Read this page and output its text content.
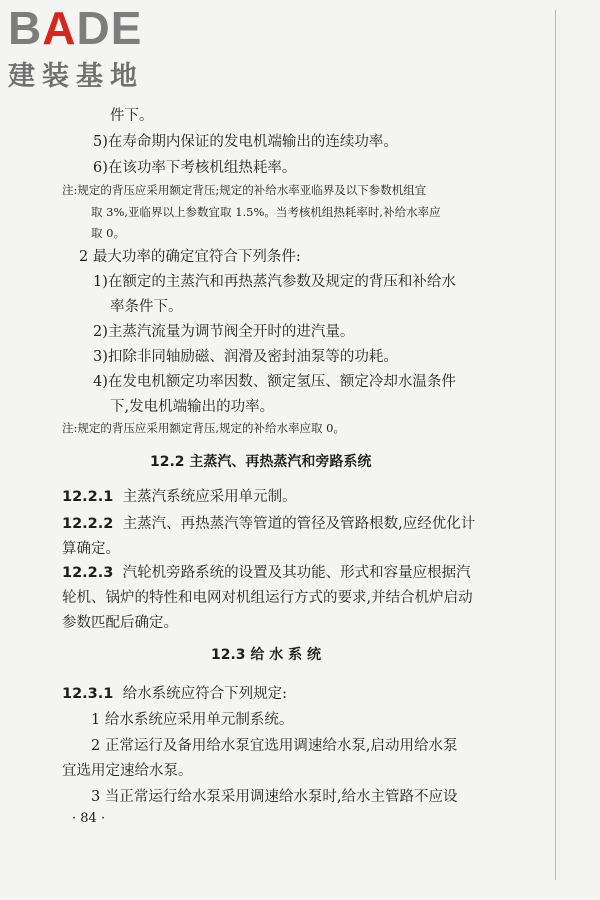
BADE
建装基地
件下。
5)在寿命期内保证的发电机端输出的连续功率。
6)在该功率下考核机组热耗率。
注:规定的背压应采用额定背压;规定的补给水率亚临界及以下参数机组宜
取 3%,亚临界以上参数宜取 1.5%。当考核机组热耗率时,补给水率应
取 0。
2 最大功率的确定宜符合下列条件:
1)在额定的主蒸汽和再热蒸汽参数及规定的背压和补给水
率条件下。
2)主蒸汽流量为调节阀全开时的进汽量。
3)扣除非同轴励磁、润滑及密封油泵等的功耗。
4)在发电机额定功率因数、额定氢压、额定冷却水温条件
下,发电机端输出的功率。
注:规定的背压应采用额定背压,规定的补给水率应取 0。
12.2 主蒸汽、再热蒸汽和旁路系统
12.2.1 主蒸汽系统应采用单元制。
12.2.2 主蒸汽、再热蒸汽等管道的管径及管路根数,应经优化计
算确定。
12.2.3 汽轮机旁路系统的设置及其功能、形式和容量应根据汽
轮机、锅炉的特性和电网对机组运行方式的要求,并结合机炉启动
参数匹配后确定。
12.3 给 水 系 统
12.3.1 给水系统应符合下列规定:
1 给水系统应采用单元制系统。
2 正常运行及备用给水泵宜选用调速给水泵,启动用给水泵
宜选用定速给水泵。
3 当正常运行给水泵采用调速给水泵时,给水主管路不应设
· 84 ·
